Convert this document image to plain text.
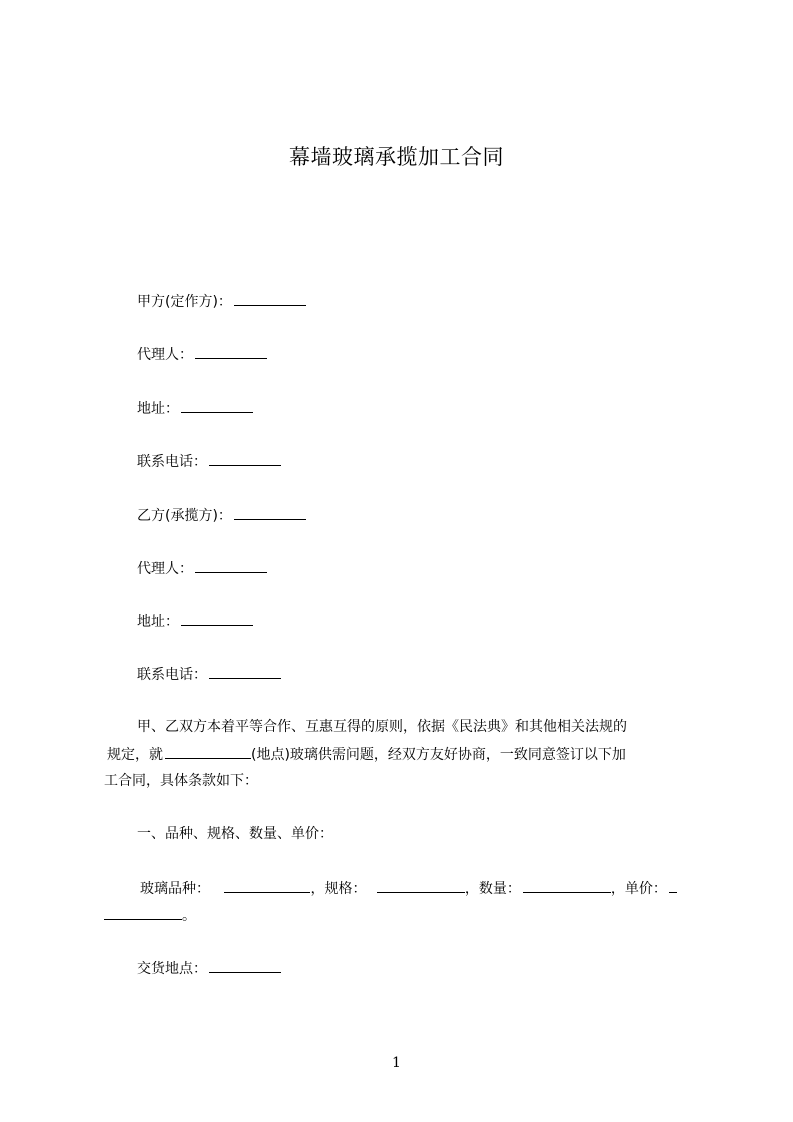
幕墙玻璃承揽加工合同
甲方(定作方)：
代理人：
地址：
联系电话：
乙方(承揽方)：
代理人：
地址：
联系电话：
甲、乙双方本着平等合作、互惠互得的原则，依据《民法典》和其他相关法规的
规定，就	(地点)玻璃供需问题，经双方友好协商，一致同意签订以下加
工合同，具体条款如下：
一、品种、规格、数量、单价：
玻璃品种：	，规格：	，数量：	，单价：
。
交货地点：
1
